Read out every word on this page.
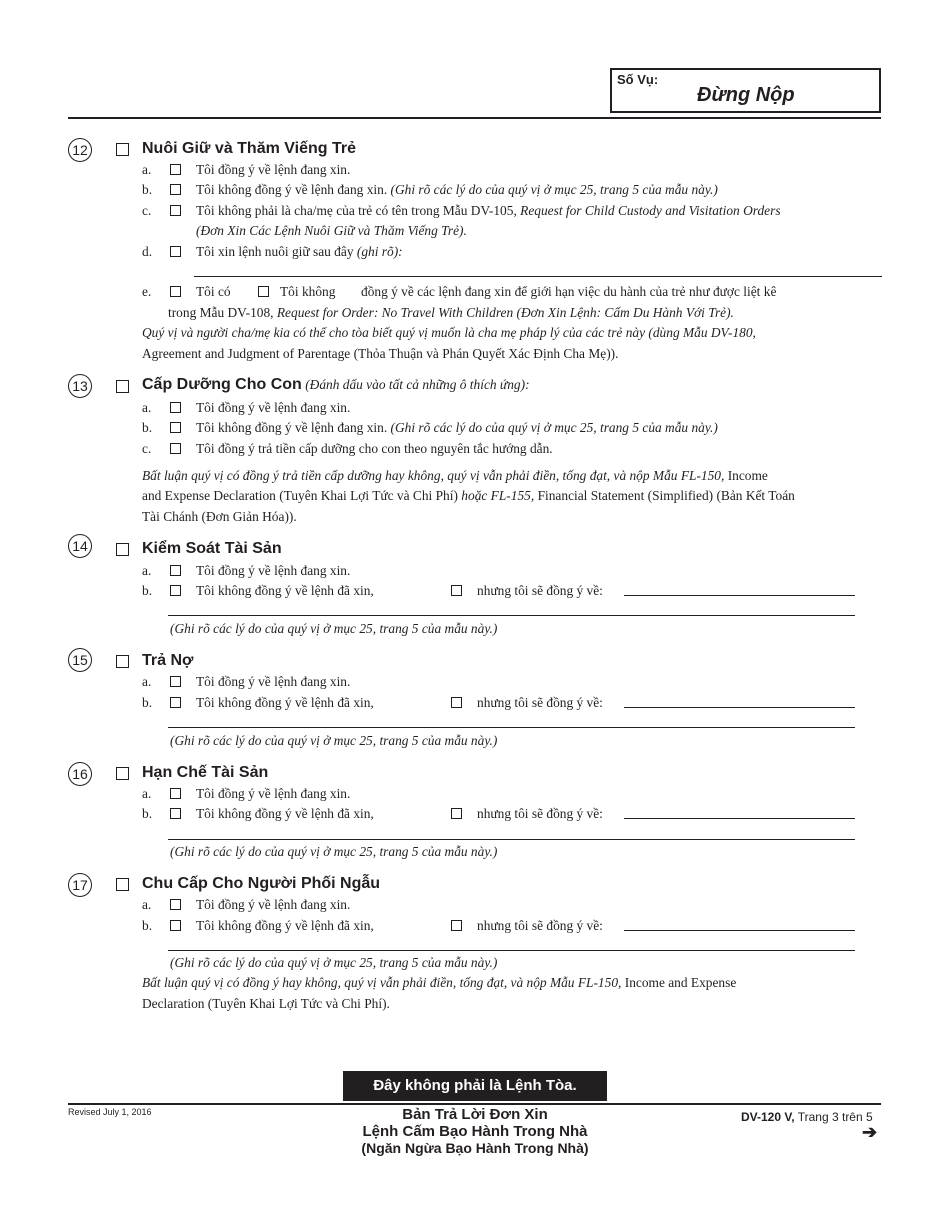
Số Vụ:
Đừng Nộp
12	Nuôi Giữ và Thăm Viếng Trẻ
a.	Tôi đồng ý về lệnh đang xin.
b.	Tôi không đồng ý về lệnh đang xin. (Ghi rõ các lý do của quý vị ở mục 25, trang 5 của mẫu này.)
c.	Tôi không phải là cha/mẹ của trẻ có tên trong Mẫu DV-105, Request for Child Custody and Visitation Orders
(Đơn Xin Các Lệnh Nuôi Giữ và Thăm Viếng Trẻ).
d.	Tôi xin lệnh nuôi giữ sau đây (ghi rõ):
e.	Tôi có	Tôi không đồng ý về các lệnh đang xin để giới hạn việc du hành của trẻ như được liệt kê
trong Mẫu DV-108, Request for Order: No Travel With Children (Đơn Xin Lệnh: Cấm Du Hành Với Trẻ).
Quý vị và người cha/mẹ kia có thể cho tòa biết quý vị muốn là cha mẹ pháp lý của các trẻ này (dùng Mẫu DV-180,
Agreement and Judgment of Parentage (Thỏa Thuận và Phán Quyết Xác Định Cha Mẹ)).
13	Cấp Dưỡng Cho Con (Đánh dấu vào tất cả những ô thích ứng):
a.	Tôi đồng ý về lệnh đang xin.
b.	Tôi không đồng ý về lệnh đang xin. (Ghi rõ các lý do của quý vị ở mục 25, trang 5 của mẫu này.)
c.	Tôi đồng ý trả tiền cấp dưỡng cho con theo nguyên tắc hướng dẫn.
Bất luận quý vị có đồng ý trả tiền cấp dưỡng hay không, quý vị vẫn phải điền, tống đạt, và nộp Mẫu FL-150, Income
and Expense Declaration (Tuyên Khai Lợi Tức và Chi Phí) hoặc FL-155, Financial Statement (Simplified) (Bản Kết Toán
Tài Chánh (Đơn Giản Hóa)).
14	Kiểm Soát Tài Sản
a.	Tôi đồng ý về lệnh đang xin.
b.	Tôi không đồng ý về lệnh đã xin,	nhưng tôi sẽ đồng ý về:
(Ghi rõ các lý do của quý vị ở mục 25, trang 5 của mẫu này.)
15	Trả Nợ
a.	Tôi đồng ý về lệnh đang xin.
b.	Tôi không đồng ý về lệnh đã xin,	nhưng tôi sẽ đồng ý về:
(Ghi rõ các lý do của quý vị ở mục 25, trang 5 của mẫu này.)
16	Hạn Chế Tài Sản
a.	Tôi đồng ý về lệnh đang xin.
b.	Tôi không đồng ý về lệnh đã xin,	nhưng tôi sẽ đồng ý về:
(Ghi rõ các lý do của quý vị ở mục 25, trang 5 của mẫu này.)
17	Chu Cấp Cho Người Phối Ngẫu
a.	Tôi đồng ý về lệnh đang xin.
b.	Tôi không đồng ý về lệnh đã xin,	nhưng tôi sẽ đồng ý về:
(Ghi rõ các lý do của quý vị ở mục 25, trang 5 của mẫu này.)
Bất luận quý vị có đồng ý hay không, quý vị vẫn phải điền, tống đạt, và nộp Mẫu FL-150, Income and Expense
Declaration (Tuyên Khai Lợi Tức và Chi Phí).
Đây không phải là Lệnh Tòa.
Revised July 1, 2016	Bản Trả Lời Đơn Xin
Lệnh Cấm Bạo Hành Trong Nhà
(Ngăn Ngừa Bạo Hành Trong Nhà)
DV-120 V, Trang 3 trên 5
➔
